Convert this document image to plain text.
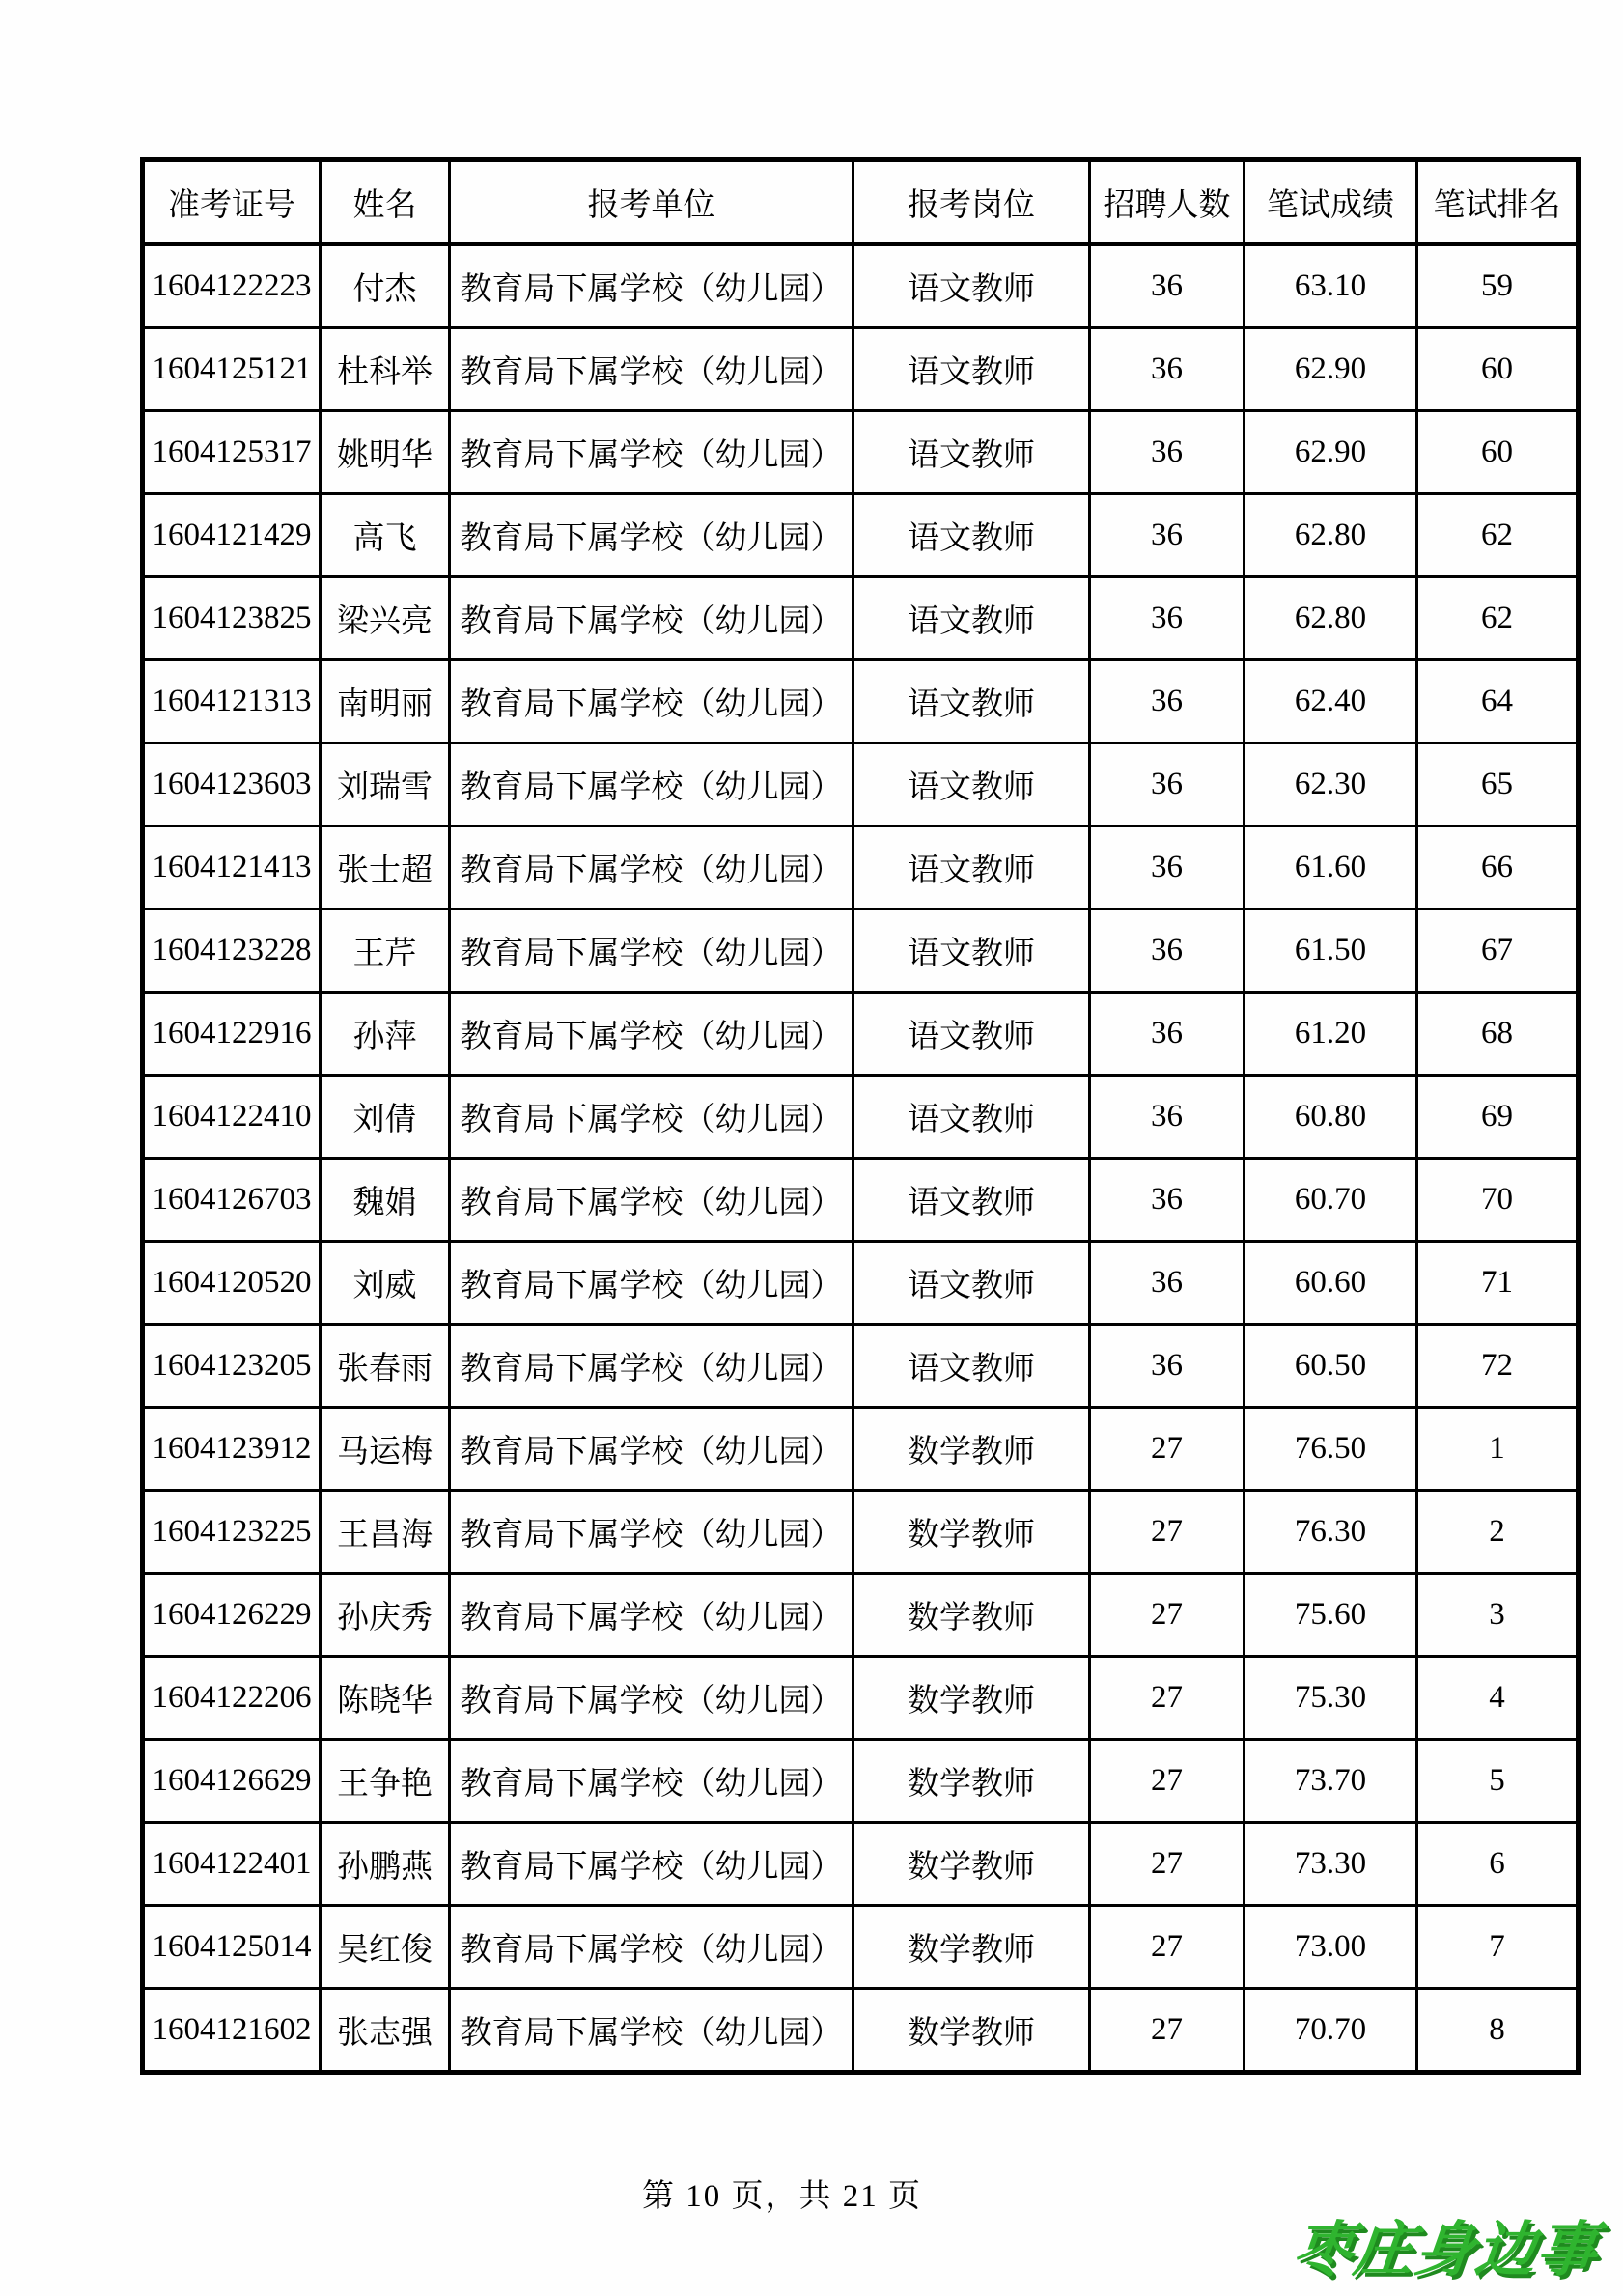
准考证号	姓名	报考单位	报考岗位	招聘人数	笔试成绩	笔试排名
1604122223	付杰	教育局下属学校（幼儿园）	语文教师	36	63.10	59
1604125121	杜科举	教育局下属学校（幼儿园）	语文教师	36	62.90	60
1604125317	姚明华	教育局下属学校（幼儿园）	语文教师	36	62.90	60
1604121429	高飞	教育局下属学校（幼儿园）	语文教师	36	62.80	62
1604123825	梁兴亮	教育局下属学校（幼儿园）	语文教师	36	62.80	62
1604121313	南明丽	教育局下属学校（幼儿园）	语文教师	36	62.40	64
1604123603	刘瑞雪	教育局下属学校（幼儿园）	语文教师	36	62.30	65
1604121413	张士超	教育局下属学校（幼儿园）	语文教师	36	61.60	66
1604123228	王芹	教育局下属学校（幼儿园）	语文教师	36	61.50	67
1604122916	孙萍	教育局下属学校（幼儿园）	语文教师	36	61.20	68
1604122410	刘倩	教育局下属学校（幼儿园）	语文教师	36	60.80	69
1604126703	魏娟	教育局下属学校（幼儿园）	语文教师	36	60.70	70
1604120520	刘威	教育局下属学校（幼儿园）	语文教师	36	60.60	71
1604123205	张春雨	教育局下属学校（幼儿园）	语文教师	36	60.50	72
1604123912	马运梅	教育局下属学校（幼儿园）	数学教师	27	76.50	1
1604123225	王昌海	教育局下属学校（幼儿园）	数学教师	27	76.30	2
1604126229	孙庆秀	教育局下属学校（幼儿园）	数学教师	27	75.60	3
1604122206	陈晓华	教育局下属学校（幼儿园）	数学教师	27	75.30	4
1604126629	王争艳	教育局下属学校（幼儿园）	数学教师	27	73.70	5
1604122401	孙鹏燕	教育局下属学校（幼儿园）	数学教师	27	73.30	6
1604125014	吴红俊	教育局下属学校（幼儿园）	数学教师	27	73.00	7
1604121602	张志强	教育局下属学校（幼儿园）	数学教师	27	70.70	8
第 10 页，共 21 页
枣庄身边事
